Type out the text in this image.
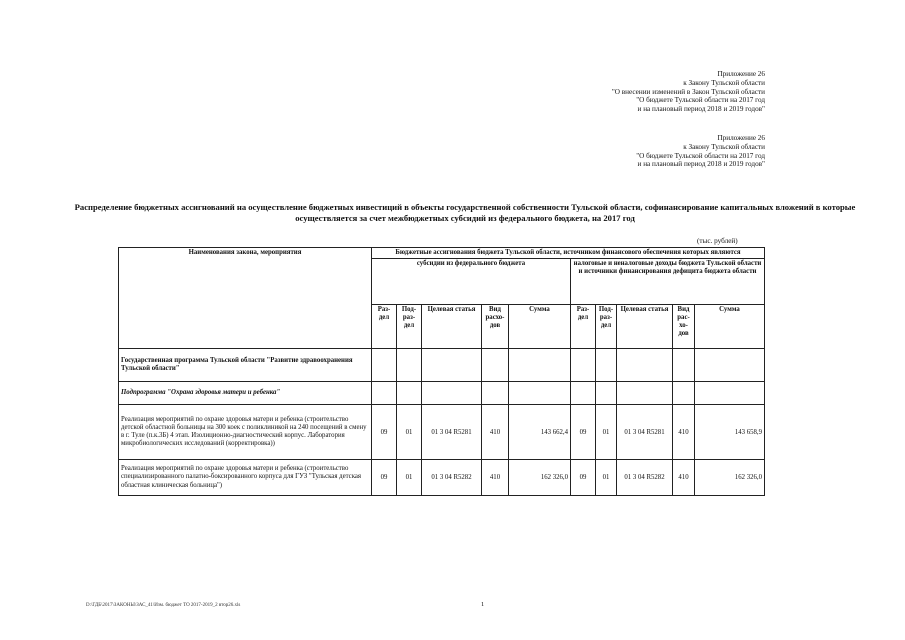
Приложение 26
к Закону Тульской области
"О внесении изменений в Закон Тульской области
"О бюджете Тульской области на 2017 год
и на плановый период 2018 и 2019 годов"
Приложение 26
к Закону Тульской области
"О бюджете Тульской области на 2017 год
и на плановый период 2018 и 2019 годов"
Распределение бюджетных ассигнований на осуществление бюджетных инвестиций в объекты государственной собственности Тульской области, софинансирование капитальных вложений в которые осуществляется за счет межбюджетных субсидий из федерального бюджета, на 2017 год
(тыс. рублей)
Наименования закона, мероприятия	Бюджетные ассигнования бюджета Тульской области, источником финансового обеспечения которых являются									
	субсидии из федерального бюджета					налоговые и неналоговые доходы бюджета Тульской области и источники финансирования дефицита бюджета области				
	Раз-дел	Под-раз-дел	Целевая статья	Вид расхо-дов	Сумма	Раз-дел	Под-раз-дел	Целевая статья	Вид рас-хо-дов	Сумма
Государственная программа Тульской области "Развитие здравоохранения Тульской области"										
Подпрограмма "Охрана здоровья матери и ребенка"										
Реализация мероприятий по охране здоровья матери и ребенка (строительство детской областной больницы на 300 коек с поликлиникой на 240 посещений в смену в г. Туле (п.к.3Б) 4 этап. Изолиционно-диагностический корпус. Лаборатория микробиологических исследований (корректировка))	09	01	01 3 04 R5281	410	143 662,4	09	01	01 3 04 R5281	410	143 658,9
Реализация мероприятий по охране здоровья матери и ребенка (строительство специализированного палатно-боксированного корпуса для ГУЗ "Тульская детская областная клиническая больница")	09	01	01 3 04 R5282	410	162 326,0	09	01	01 3 04 R5282	410	162 326,0
D:\ГДБ\2017\ЗАКОНЫ\ЗАС_41\Изм. бюджет ТО 2017-2019_2 втор26.xls	1
